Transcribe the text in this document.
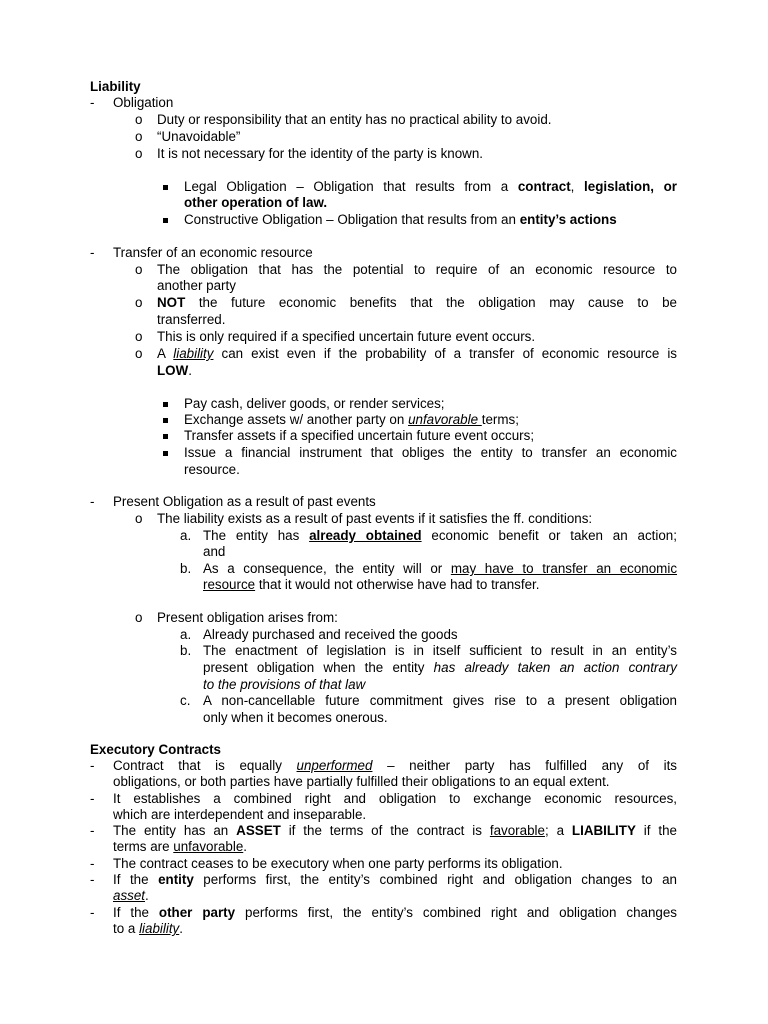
Liability
- Obligation
o Duty or responsibility that an entity has no practical ability to avoid.
o “Unavoidable”
o It is not necessary for the identity of the party is known.
Legal Obligation – Obligation that results from a contract, legislation, or
other operation of law.
Constructive Obligation – Obligation that results from an entity’s actions
- Transfer of an economic resource
o The obligation that has the potential to require of an economic resource to
another party
o NOT the future economic benefits that the obligation may cause to be
transferred.
o This is only required if a specified uncertain future event occurs.
o A liability can exist even if the probability of a transfer of economic resource is
LOW.
Pay cash, deliver goods, or render services;
Exchange assets w/ another party on unfavorable terms;
Transfer assets if a specified uncertain future event occurs;
Issue a financial instrument that obliges the entity to transfer an economic
resource.
- Present Obligation as a result of past events
o The liability exists as a result of past events if it satisfies the ff. conditions:
a. The entity has already obtained economic benefit or taken an action;
and
b. As a consequence, the entity will or may have to transfer an economic
resource that it would not otherwise have had to transfer.
o Present obligation arises from:
a. Already purchased and received the goods
b. The enactment of legislation is in itself sufficient to result in an entity’s
present obligation when the entity has already taken an action contrary
to the provisions of that law
c. A non-cancellable future commitment gives rise to a present obligation
only when it becomes onerous.
Executory Contracts
- Contract that is equally unperformed – neither party has fulfilled any of its
obligations, or both parties have partially fulfilled their obligations to an equal extent.
- It establishes a combined right and obligation to exchange economic resources,
which are interdependent and inseparable.
- The entity has an ASSET if the terms of the contract is favorable; a LIABILITY if the
terms are unfavorable.
- The contract ceases to be executory when one party performs its obligation.
- If the entity performs first, the entity’s combined right and obligation changes to an
asset.
- If the other party performs first, the entity’s combined right and obligation changes
to a liability.
